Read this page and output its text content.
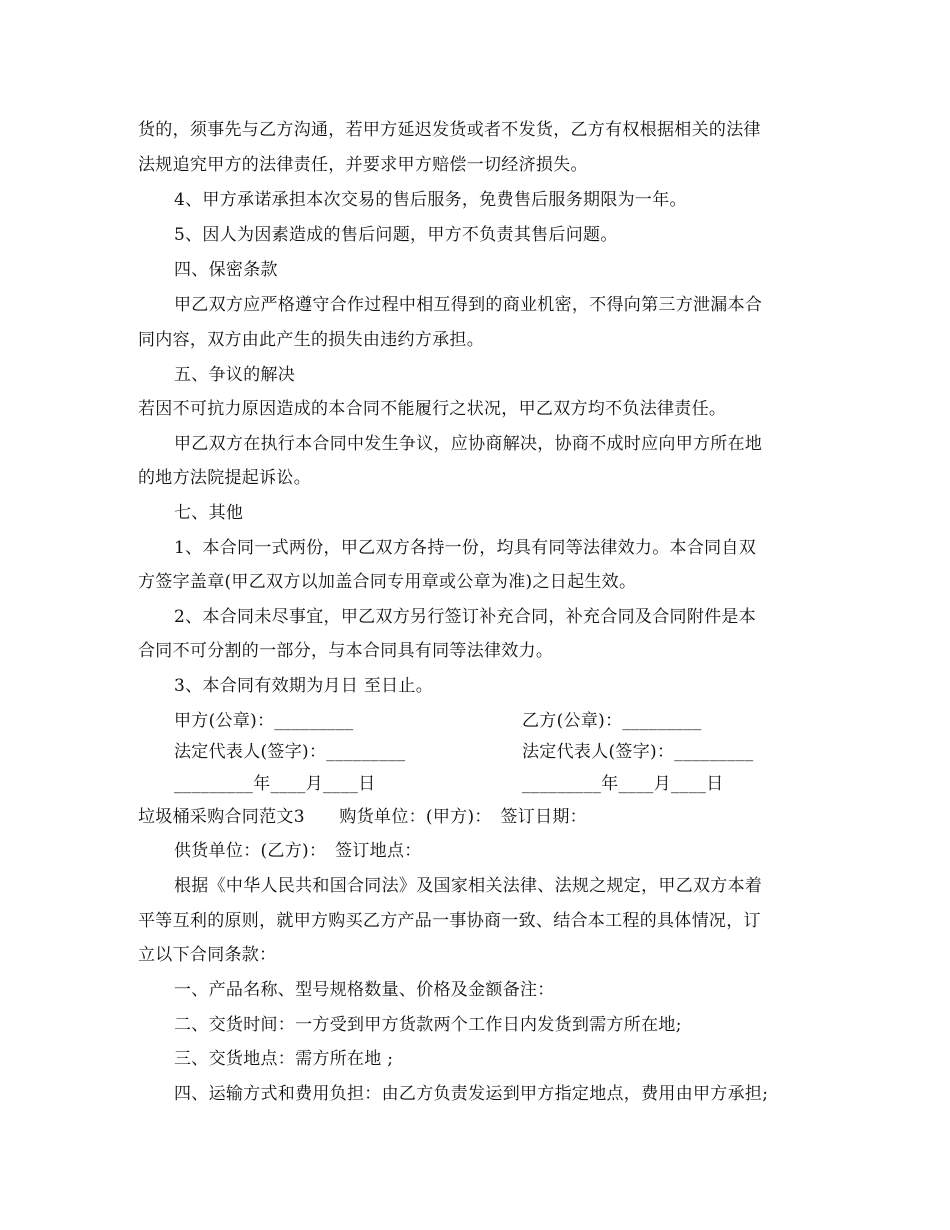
货的，须事先与乙方沟通，若甲方延迟发货或者不发货，乙方有权根据相关的法律
法规追究甲方的法律责任，并要求甲方赔偿一切经济损失。
4、甲方承诺承担本次交易的售后服务，免费售后服务期限为一年。
5、因人为因素造成的售后问题，甲方不负责其售后问题。
四、保密条款
甲乙双方应严格遵守合作过程中相互得到的商业机密，不得向第三方泄漏本合
同内容，双方由此产生的损失由违约方承担。
五、争议的解决
若因不可抗力原因造成的本合同不能履行之状况，甲乙双方均不负法律责任。
甲乙双方在执行本合同中发生争议，应协商解决，协商不成时应向甲方所在地
的地方法院提起诉讼。
七、其他
1、本合同一式两份，甲乙双方各持一份，均具有同等法律效力。本合同自双
方签字盖章(甲乙双方以加盖合同专用章或公章为准)之日起生效。
2、本合同未尽事宜，甲乙双方另行签订补充合同，补充合同及合同附件是本
合同不可分割的一部分，与本合同具有同等法律效力。
3、本合同有效期为月日 至日止。
甲方(公章)：_________	乙方(公章)：_________
法定代表人(签字)：_________	法定代表人(签字)：_________
_________年____月____日	_________年____月____日
垃圾桶采购合同范文3　　购货单位：(甲方)：　签订日期：
供货单位：(乙方)：　签订地点：
根据《中华人民共和国合同法》及国家相关法律、法规之规定，甲乙双方本着
平等互利的原则，就甲方购买乙方产品一事协商一致、结合本工程的具体情况，订
立以下合同条款：
一、产品名称、型号规格数量、价格及金额备注：
二、交货时间：一方受到甲方货款两个工作日内发货到需方所在地;
三、交货地点：需方所在地 ;
四、运输方式和费用负担：由乙方负责发运到甲方指定地点，费用由甲方承担;
